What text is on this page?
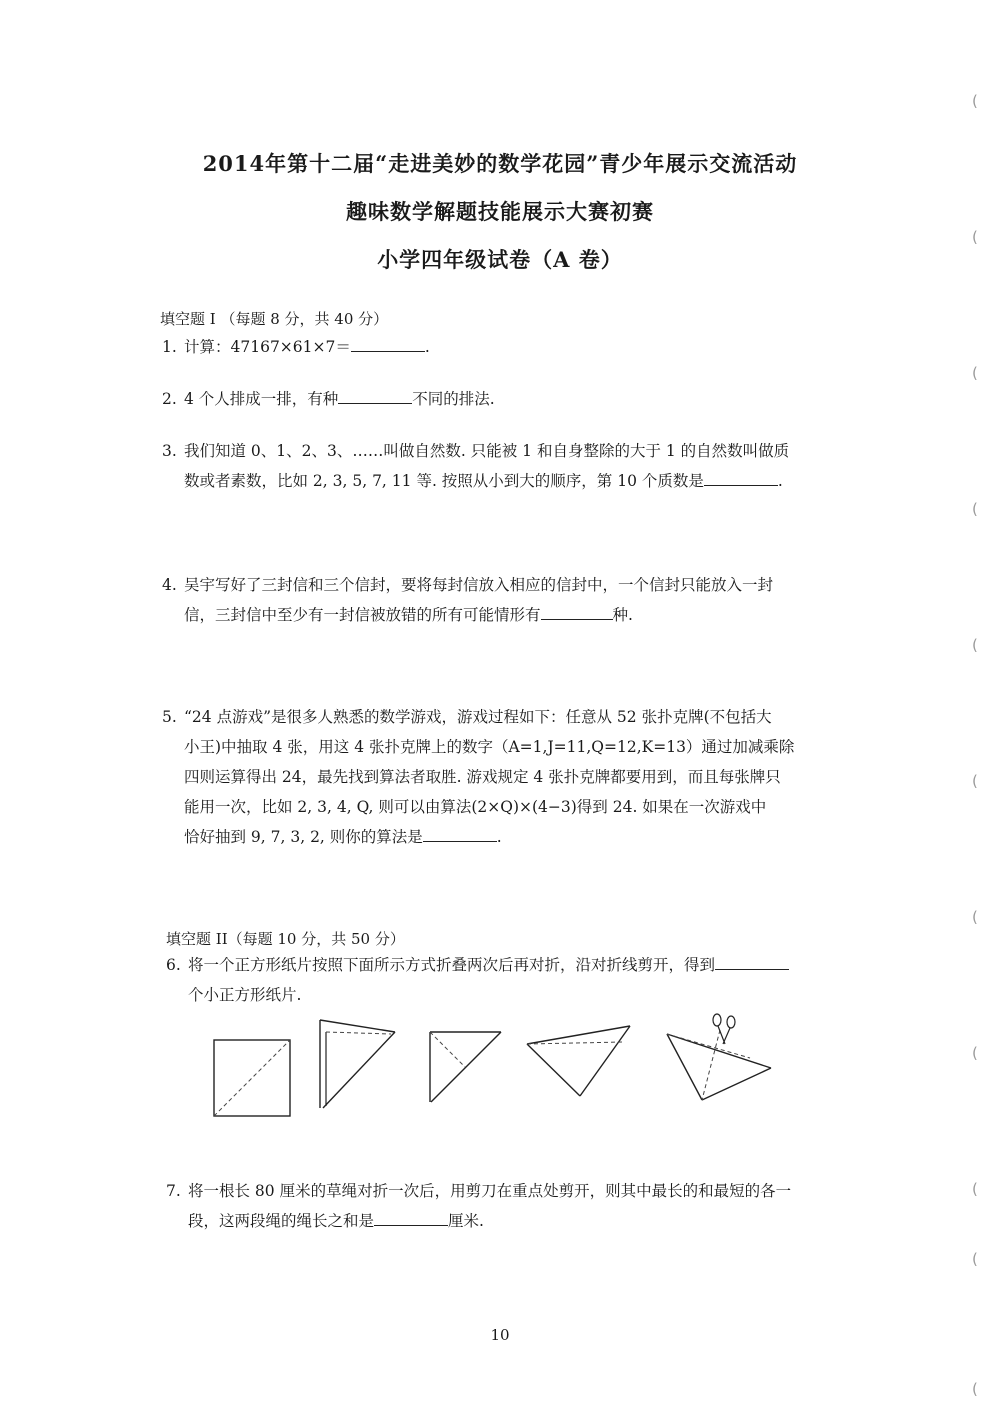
2014年第十二届“走进美妙的数学花园”青少年展示交流活动
趣味数学解题技能展示大赛初赛
小学四年级试卷（A 卷）
填空题 I （每题 8 分，共 40 分）
1. 计算：47167×61×7＝	.
2. 4 个人排成一排，有种	不同的排法.
3. 我们知道 0、1、2、3、……叫做自然数. 只能被 1 和自身整除的大于 1 的自然数叫做质
数或者素数，比如 2, 3, 5, 7, 11 等. 按照从小到大的顺序，第 10 个质数是	.
4. 吴宇写好了三封信和三个信封，要将每封信放入相应的信封中，一个信封只能放入一封
信，三封信中至少有一封信被放错的所有可能情形有	种.
5. “24 点游戏”是很多人熟悉的数学游戏，游戏过程如下：任意从 52 张扑克牌(不包括大
小王)中抽取 4 张，用这 4 张扑克牌上的数字（A=1,J=11,Q=12,K=13）通过加减乘除
四则运算得出 24，最先找到算法者取胜. 游戏规定 4 张扑克牌都要用到，而且每张牌只
能用一次，比如 2, 3, 4, Q, 则可以由算法(2×Q)×(4−3)得到 24. 如果在一次游戏中
恰好抽到 9, 7, 3, 2, 则你的算法是	.
填空题 II（每题 10 分，共 50 分）
6. 将一个正方形纸片按照下面所示方式折叠两次后再对折，沿对折线剪开，得到
个小正方形纸片.
7. 将一根长 80 厘米的草绳对折一次后，用剪刀在重点处剪开，则其中最长的和最短的各一
段，这两段绳的绳长之和是	厘米.
10
(
(
(
(
(
(
(
(
(
(
(
